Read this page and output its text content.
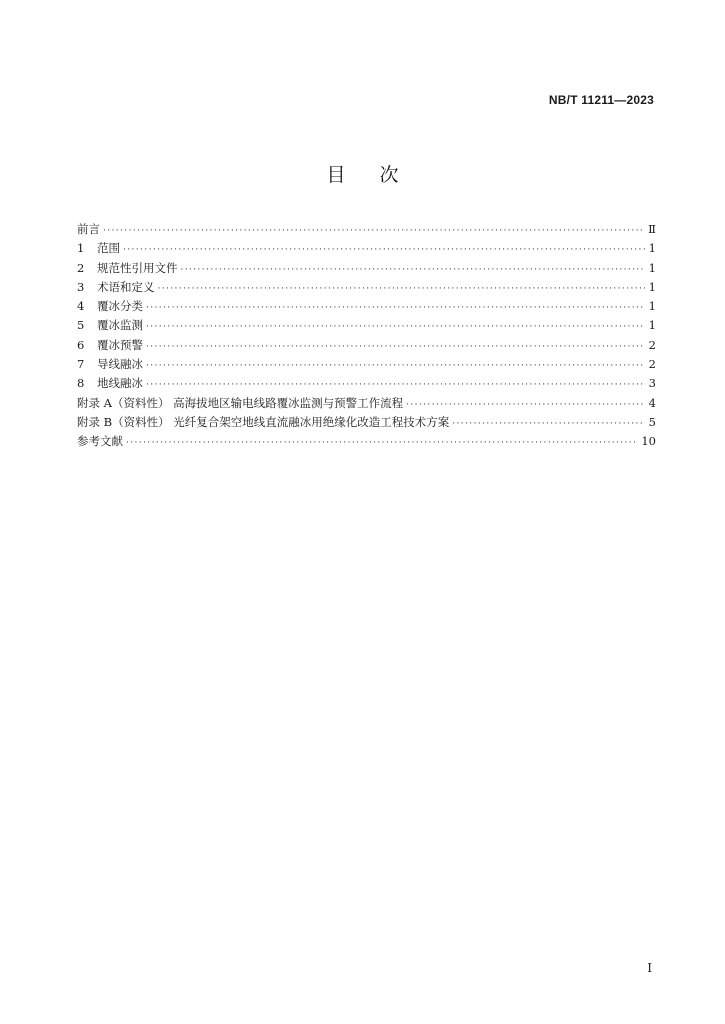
NB/T 11211—2023
目次
前言 ·····	Ⅱ
1	范围 ·····	1
2	规范性引用文件 ·····	1
3	术语和定义 ·····	1
4	覆冰分类 ·····	1
5	覆冰监测 ·····	1
6	覆冰预警 ·····	2
7	导线融冰 ·····	2
8	地线融冰 ·····	3
附录 A（资料性） 高海拔地区输电线路覆冰监测与预警工作流程 ·····	4
附录 B（资料性） 光纤复合架空地线直流融冰用绝缘化改造工程技术方案 ·····	5
参考文献 ·····	10
I
